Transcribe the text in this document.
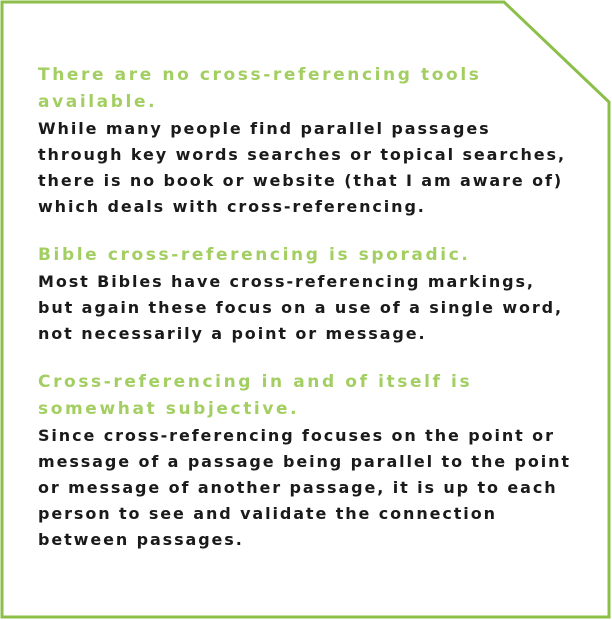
There are no cross-referencing tools available.

While many people find parallel passages through key words searches or topical searches, there is no book or website (that I am aware of) which deals with cross-referencing.

Bible cross-referencing is sporadic.

Most Bibles have cross-referencing markings, but again these focus on a use of a single word, not necessarily a point or message.

Cross-referencing in and of itself is somewhat subjective.

Since cross-referencing focuses on the point or message of a passage being parallel to the point or message of another passage, it is up to each person to see and validate the connection between passages.
